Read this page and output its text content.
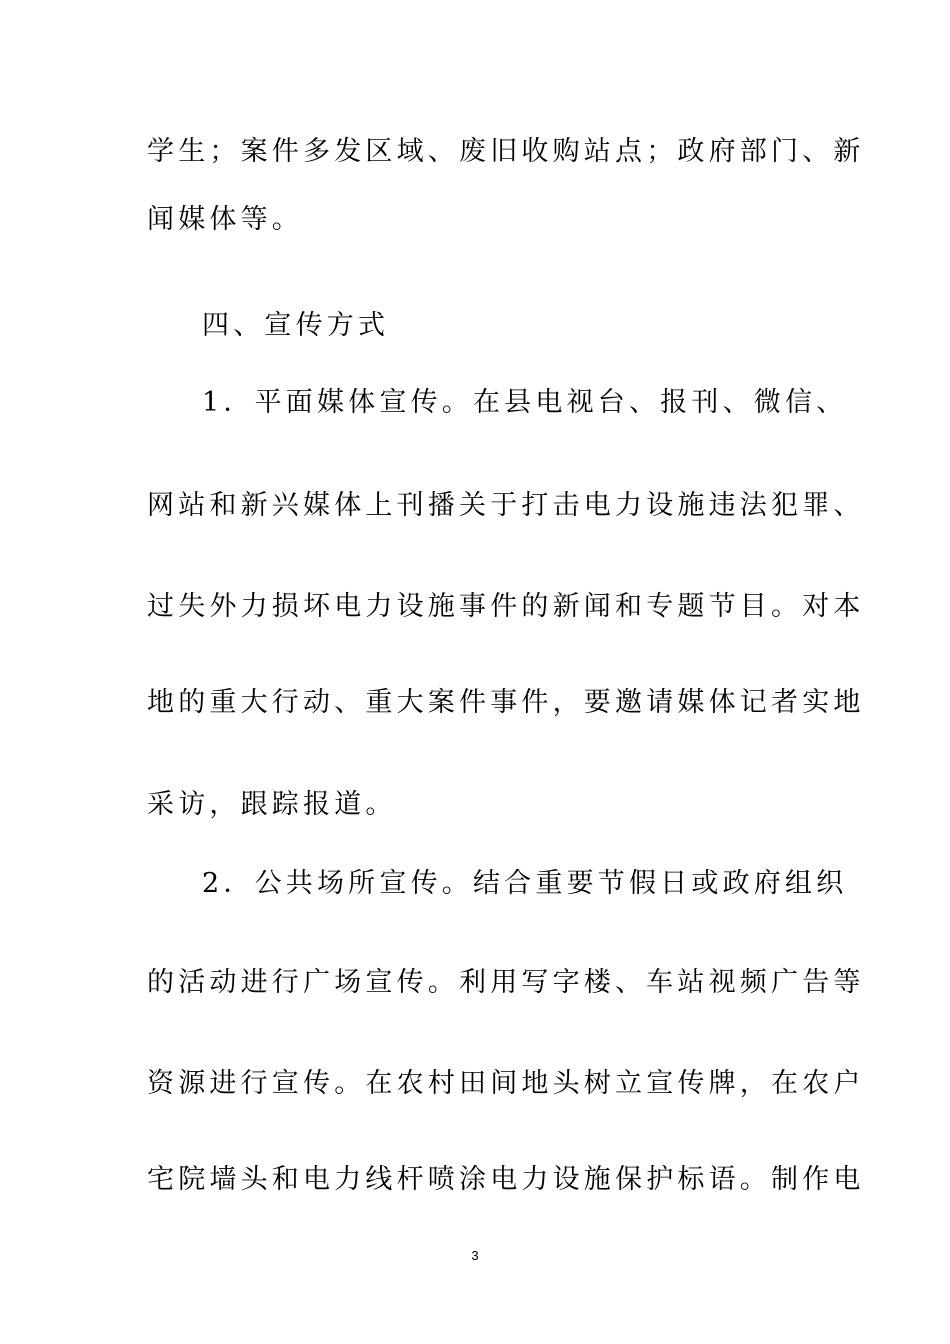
学生；案件多发区域、废旧收购站点；政府部门、新
闻媒体等。
四、宣传方式
1．平面媒体宣传。在县电视台、报刊、微信、
网站和新兴媒体上刊播关于打击电力设施违法犯罪、
过失外力损坏电力设施事件的新闻和专题节目。对本
地的重大行动、重大案件事件，要邀请媒体记者实地
采访，跟踪报道。
2．公共场所宣传。结合重要节假日或政府组织
的活动进行广场宣传。利用写字楼、车站视频广告等
资源进行宣传。在农村田间地头树立宣传牌，在农户
宅院墙头和电力线杆喷涂电力设施保护标语。制作电
3
